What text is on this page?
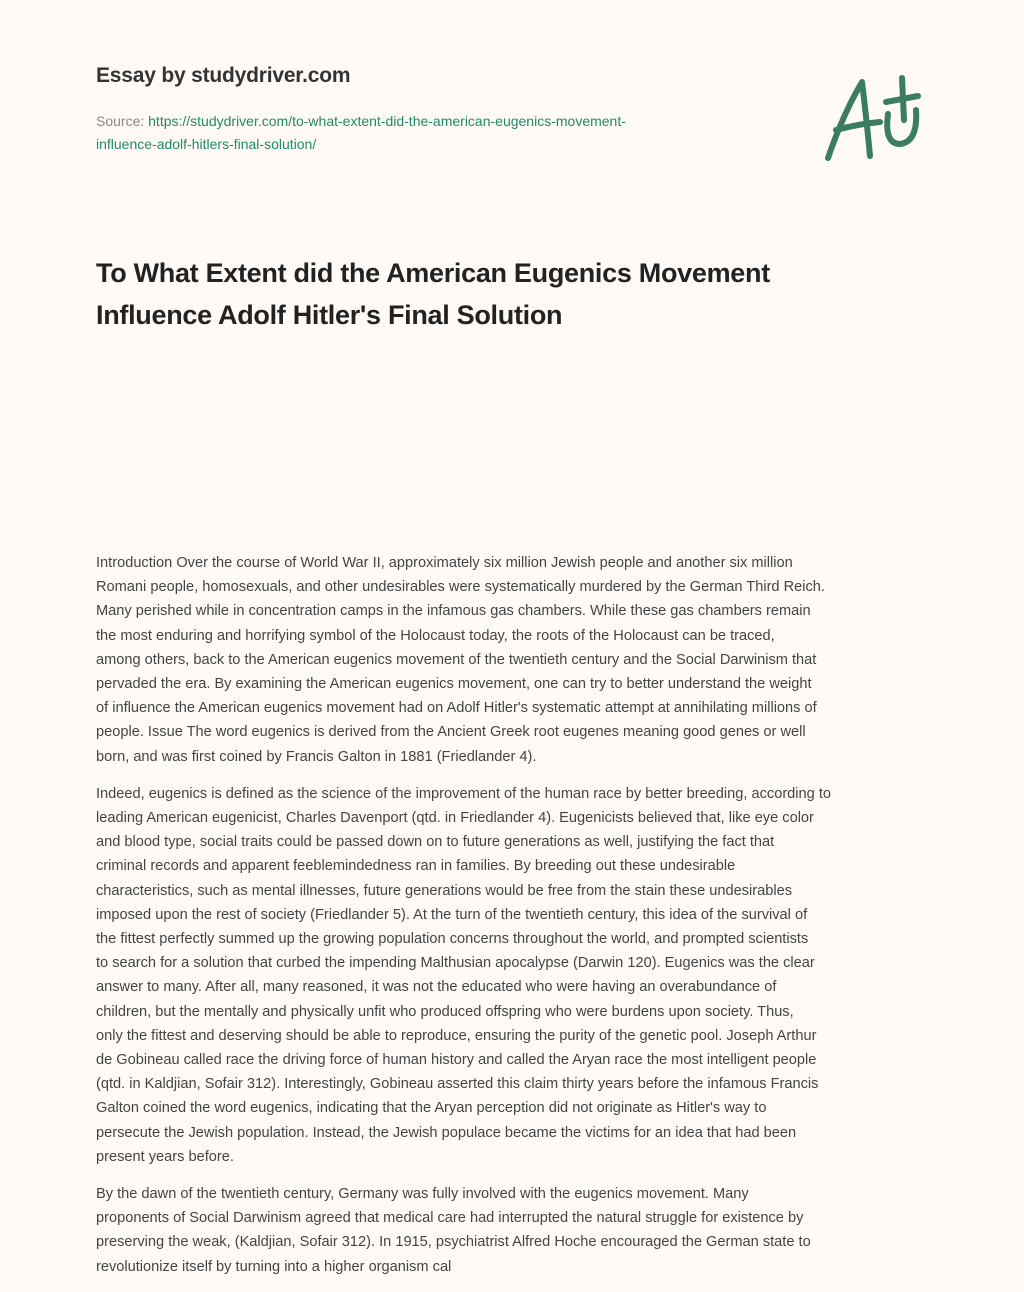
Essay by studydriver.com
Source: https://studydriver.com/to-what-extent-did-the-american-eugenics-movement-
influence-adolf-hitlers-final-solution/
To What Extent did the American Eugenics Movement
Influence Adolf Hitler's Final Solution

Introduction Over the course of World War II, approximately six million Jewish people and another six million
Romani people, homosexuals, and other undesirables were systematically murdered by the German Third Reich.
Many perished while in concentration camps in the infamous gas chambers. While these gas chambers remain
the most enduring and horrifying symbol of the Holocaust today, the roots of the Holocaust can be traced,
among others, back to the American eugenics movement of the twentieth century and the Social Darwinism that
pervaded the era. By examining the American eugenics movement, one can try to better understand the weight
of influence the American eugenics movement had on Adolf Hitler's systematic attempt at annihilating millions of
people. Issue The word eugenics is derived from the Ancient Greek root eugenes meaning good genes or well
born, and was first coined by Francis Galton in 1881 (Friedlander 4).

Indeed, eugenics is defined as the science of the improvement of the human race by better breeding, according to
leading American eugenicist, Charles Davenport (qtd. in Friedlander 4). Eugenicists believed that, like eye color
and blood type, social traits could be passed down on to future generations as well, justifying the fact that
criminal records and apparent feeblemindedness ran in families. By breeding out these undesirable
characteristics, such as mental illnesses, future generations would be free from the stain these undesirables
imposed upon the rest of society (Friedlander 5). At the turn of the twentieth century, this idea of the survival of
the fittest perfectly summed up the growing population concerns throughout the world, and prompted scientists
to search for a solution that curbed the impending Malthusian apocalypse (Darwin 120). Eugenics was the clear
answer to many. After all, many reasoned, it was not the educated who were having an overabundance of
children, but the mentally and physically unfit who produced offspring who were burdens upon society. Thus,
only the fittest and deserving should be able to reproduce, ensuring the purity of the genetic pool. Joseph Arthur
de Gobineau called race the driving force of human history and called the Aryan race the most intelligent people
(qtd. in Kaldjian, Sofair 312). Interestingly, Gobineau asserted this claim thirty years before the infamous Francis
Galton coined the word eugenics, indicating that the Aryan perception did not originate as Hitler's way to
persecute the Jewish population. Instead, the Jewish populace became the victims for an idea that had been
present years before.

By the dawn of the twentieth century, Germany was fully involved with the eugenics movement. Many
proponents of Social Darwinism agreed that medical care had interrupted the natural struggle for existence by
preserving the weak, (Kaldjian, Sofair 312). In 1915, psychiatrist Alfred Hoche encouraged the German state to
revolutionize itself by turning into a higher organism cal
